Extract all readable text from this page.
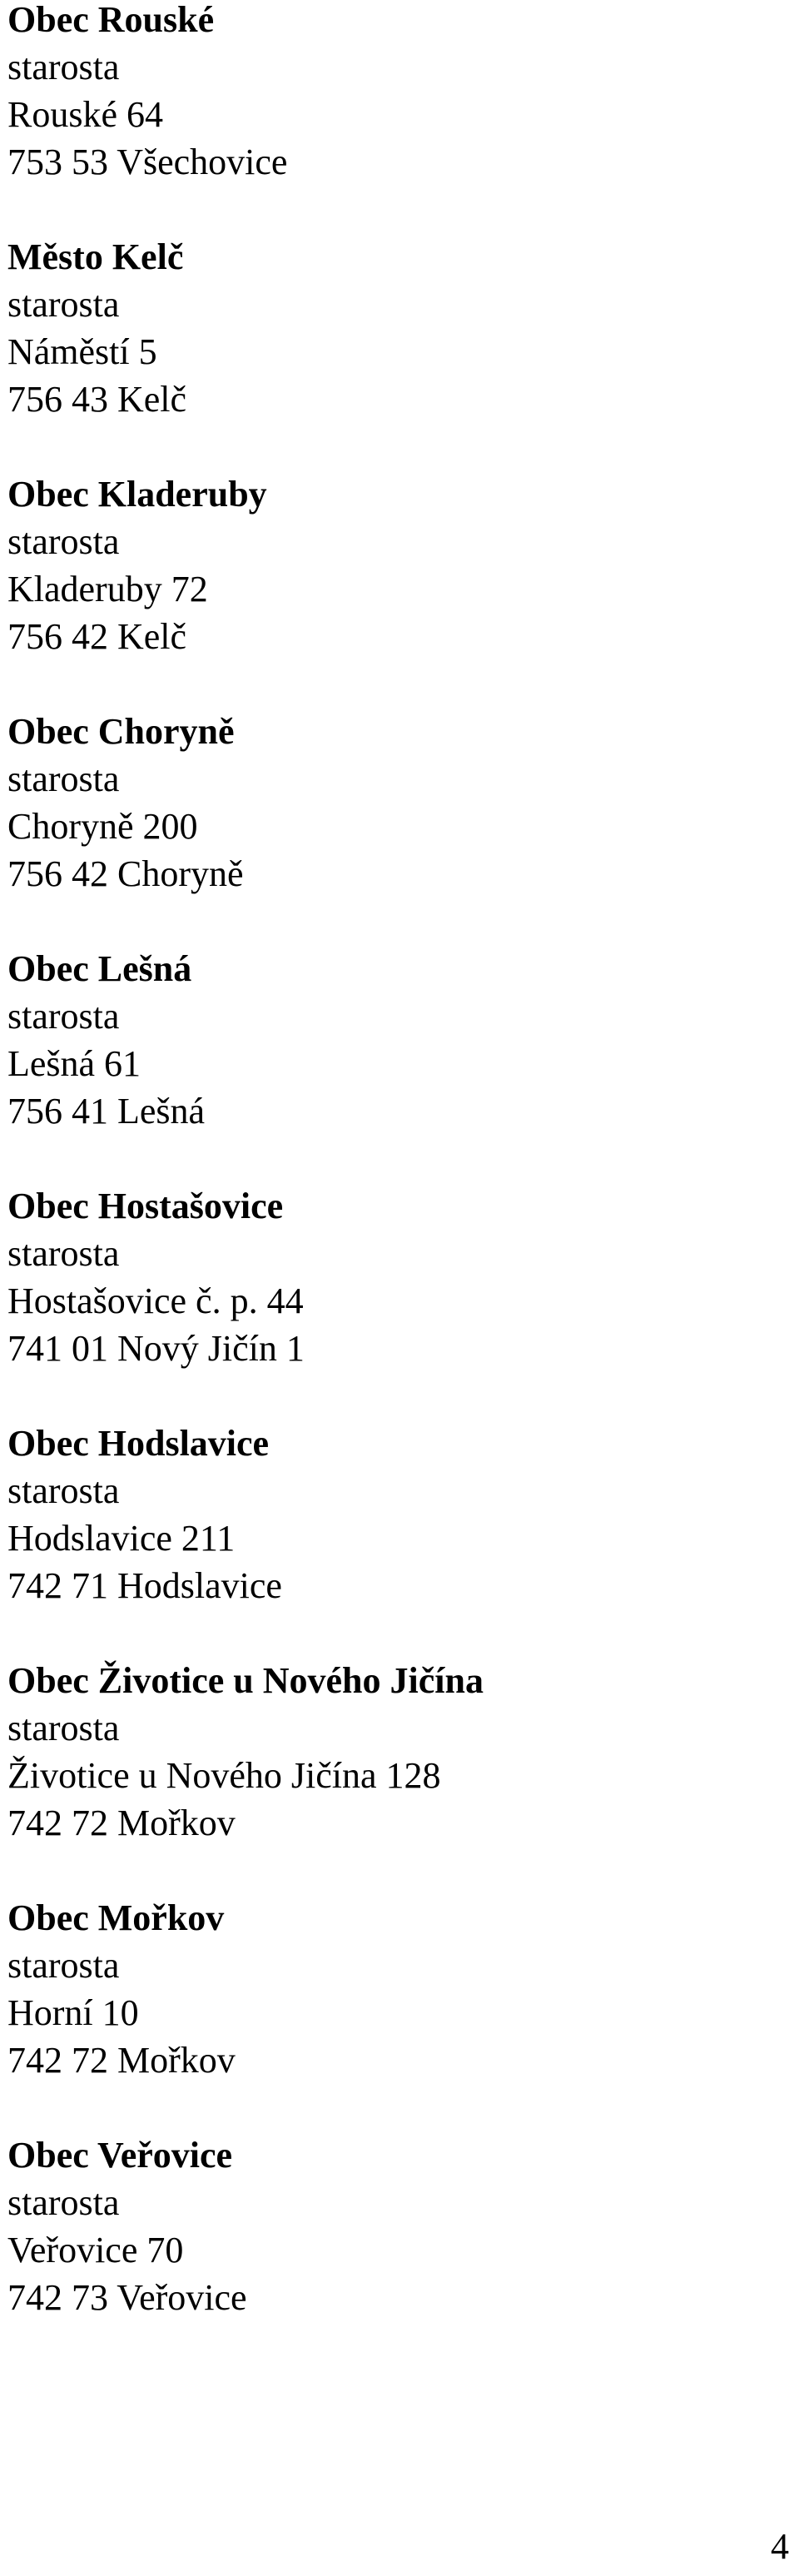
Obec Rouské
starosta
Rouské 64
753 53 Všechovice
Město Kelč
starosta
Náměstí 5
756 43 Kelč
Obec Kladeruby
starosta
Kladeruby 72
756 42 Kelč
Obec Choryně
starosta
Choryně 200
756 42 Choryně
Obec Lešná
starosta
Lešná 61
756 41 Lešná
Obec Hostašovice
starosta
Hostašovice č. p. 44
741 01 Nový Jičín 1
Obec Hodslavice
starosta
Hodslavice 211
742 71 Hodslavice
Obec Životice u Nového Jičína
starosta
Životice u Nového Jičína 128
742 72 Mořkov
Obec Mořkov
starosta
Horní 10
742 72 Mořkov
Obec Veřovice
starosta
Veřovice 70
742 73 Veřovice
4
